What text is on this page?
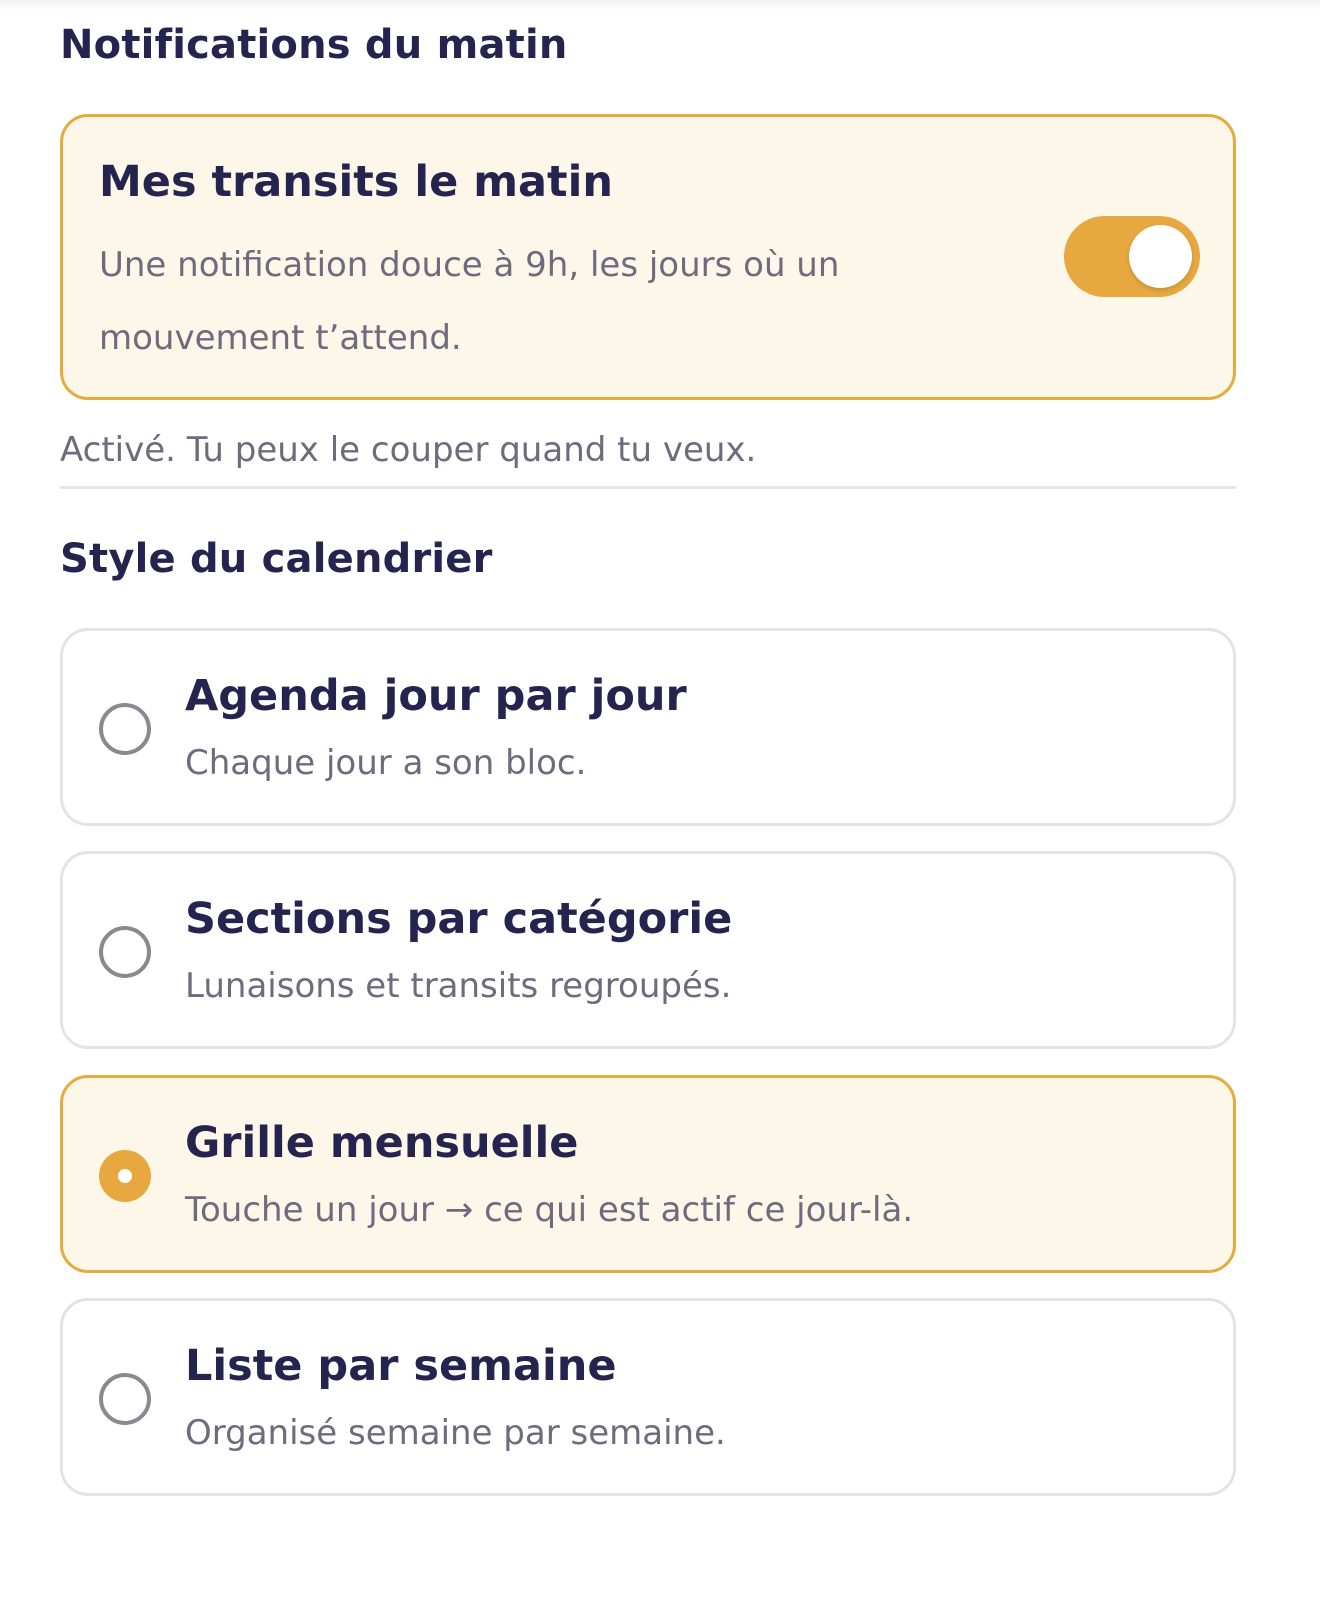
Notifications du matin
Mes transits le matin
Une notification douce à 9h, les jours où un mouvement t’attend.
Activé. Tu peux le couper quand tu veux.
Style du calendrier
Agenda jour par jour
Chaque jour a son bloc.
Sections par catégorie
Lunaisons et transits regroupés.
Grille mensuelle
Touche un jour → ce qui est actif ce jour-là.
Liste par semaine
Organisé semaine par semaine.
